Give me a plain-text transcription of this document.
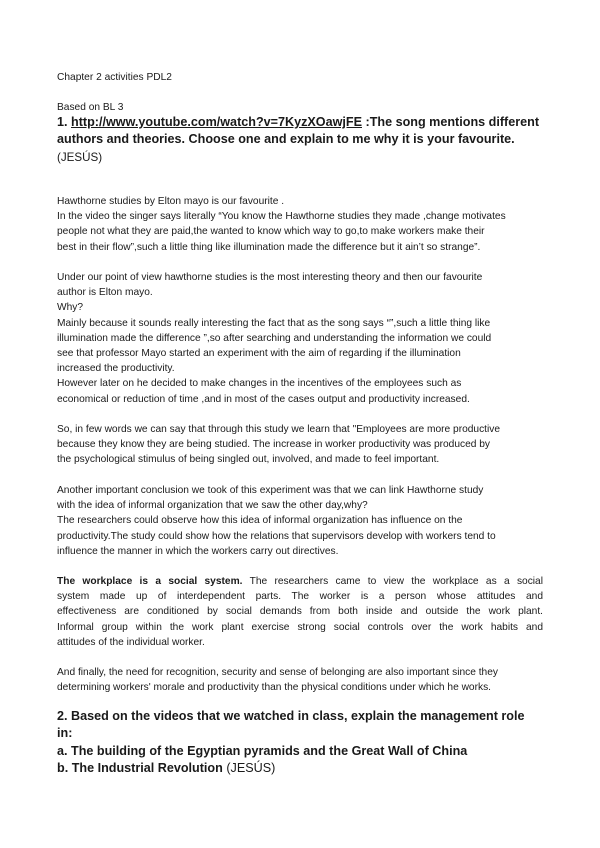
Chapter 2 activities PDL2

Based on BL 3

1. http://www.youtube.com/watch?v=7KyzXOawjFE :The song mentions different
authors and theories. Choose one and explain to me why it is your favourite.
(JESÚS)
Hawthorne studies by Elton mayo is our favourite .
In the video the singer says literally “You know the Hawthorne studies they made ,change motivates
people not what they are paid,the wanted to know which way to go,to make workers make their
best in their flow”,such a little thing like illumination made the difference but it ain’t so strange”.
Under our point of view hawthorne studies is the most interesting theory and then our favourite
author is Elton mayo.
Why?
Mainly because it sounds really interesting the fact that as the song says “”,such a little thing like
illumination made the difference ”,so after searching and understanding the information we could
see that professor Mayo started an experiment with the aim of regarding if the illumination
increased the productivity.
However later on he decided to make changes in the incentives of the employees such as
economical or reduction of time ,and in most of the cases output and productivity increased.
So, in few words we can say that through this study we learn that "Employees are more productive
because they know they are being studied. The increase in worker productivity was produced by
the psychological stimulus of being singled out, involved, and made to feel important.
Another important conclusion we took of this experiment was that we can link Hawthorne study
with the idea of informal organization that we saw the other day,why?
The researchers could observe how this idea of informal organization has influence on the
productivity.The study could show how the relations that supervisors develop with workers tend to
influence the manner in which the workers carry out directives.
The workplace is a social system. The researchers came to view the workplace as a social
system made up of interdependent parts. The worker is a person whose attitudes and
effectiveness are conditioned by social demands from both inside and outside the work plant.
Informal group within the work plant exercise strong social controls over the work habits and
attitudes of the individual worker.
And finally, the need for recognition, security and sense of belonging are also important since they
determining workers' morale and productivity than the physical conditions under which he works.
2. Based on the videos that we watched in class, explain the management role in:
a. The building of the Egyptian pyramids and the Great Wall of China
b. The Industrial Revolution (JESÚS)
